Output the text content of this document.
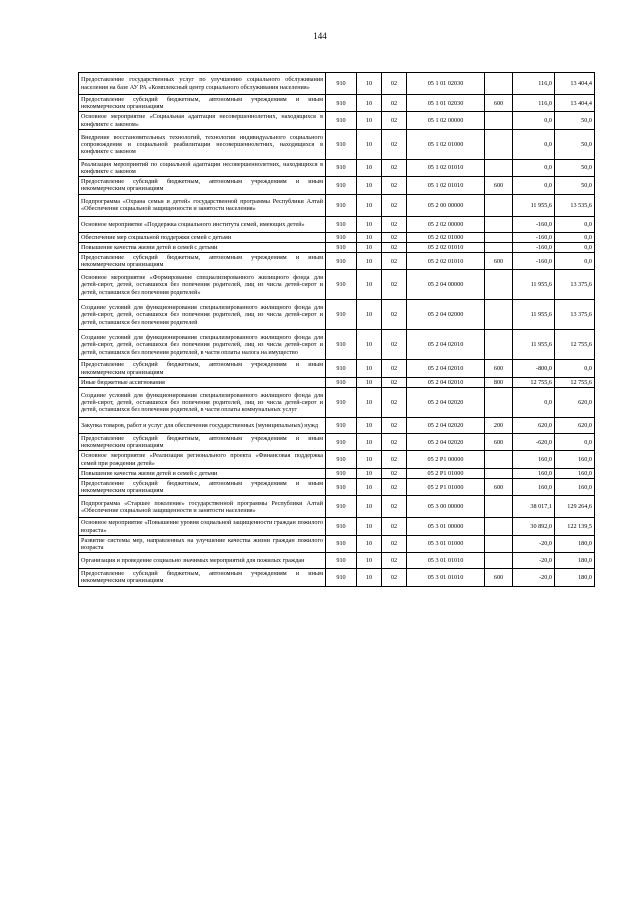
144
Предоставление государственных услуг по улучшению социального обслуживания населения на базе АУ РА «Комплексный центр социального обслуживания населения»	910	10	02	05 1 01 02030		116,0	13 404,4
Предоставление субсидий бюджетным, автономным учреждениям и иным некоммерческим организациям	910	10	02	05 1 01 02030	600	116,0	13 404,4
Основное мероприятие «Социальная адаптация несовершеннолетних, находящихся в конфликте с законом»	910	10	02	05 1 02 00000		0,0	50,0
Внедрение восстановительных технологий, технологии индивидуального социального сопровождения и социальной реабилитации несовершеннолетних, находящихся в конфликте с законом	910	10	02	05 1 02 01000		0,0	50,0
Реализация мероприятий по социальной адаптации несовершеннолетних, находящихся в конфликте с законом	910	10	02	05 1 02 01010		0,0	50,0
Предоставление субсидий бюджетным, автономным учреждениям и иным некоммерческим организациям	910	10	02	05 1 02 01010	600	0,0	50,0
Подпрограмма «Охрана семьи и детей» государственной программы Республики Алтай «Обеспечение социальной защищенности и занятости населения»	910	10	02	05 2 00 00000		11 955,6	13 535,6
Основное мероприятие «Поддержка социального института семей, имеющих детей»	910	10	02	05 2 02 00000		-160,0	0,0
Обеспечение мер социальной поддержки семей с детьми	910	10	02	05 2 02 01000		-160,0	0,0
Повышение качества жизни детей и семей с детьми	910	10	02	05 2 02 01010		-160,0	0,0
Предоставление субсидий бюджетным, автономным учреждениям и иным некоммерческим организациям	910	10	02	05 2 02 01010	600	-160,0	0,0
Основное мероприятие «Формирование специализированного жилищного фонда для детей-сирот, детей, оставшихся без попечения родителей, лиц из числа детей-сирот и детей, оставшихся без попечения родителей»	910	10	02	05 2 04 00000		11 955,6	13 375,6
Создание условий для функционирования специализированного жилищного фонда для детей-сирот, детей, оставшихся без попечения родителей, лиц из числа детей-сирот и детей, оставшихся без попечения родителей	910	10	02	05 2 04 02000		11 955,6	13 375,6
Создание условий для функционирования специализированного жилищного фонда для детей-сирот, детей, оставшихся без попечения родителей, лиц из числа детей-сирот и детей, оставшихся без попечения родителей, в части оплаты налога на имущество	910	10	02	05 2 04 02010		11 955,6	12 755,6
Предоставление субсидий бюджетным, автономным учреждениям и иным некоммерческим организациям	910	10	02	05 2 04 02010	600	-800,0	0,0
Иные бюджетные ассигнования	910	10	02	05 2 04 02010	800	12 755,6	12 755,6
Создание условий для функционирования специализированного жилищного фонда для детей-сирот, детей, оставшихся без попечения родителей, лиц из числа детей-сирот и детей, оставшихся без попечения родителей, в части оплаты коммунальных услуг	910	10	02	05 2 04 02020		0,0	620,0
Закупка товаров, работ и услуг для обеспечения государственных (муниципальных) нужд	910	10	02	05 2 04 02020	200	620,0	620,0
Предоставление субсидий бюджетным, автономным учреждениям и иным некоммерческим организациям	910	10	02	05 2 04 02020	600	-620,0	0,0
Основное мероприятие «Реализация регионального проекта «Финансовая поддержка семей при рождении детей»	910	10	02	05 2 P1 00000		160,0	160,0
Повышение качества жизни детей и семей с детьми	910	10	02	05 2 P1 01000		160,0	160,0
Предоставление субсидий бюджетным, автономным учреждениям и иным некоммерческим организациям	910	10	02	05 2 P1 01000	600	160,0	160,0
Подпрограмма «Старшее поколение» государственной программы Республики Алтай «Обеспечение социальной защищенности и занятости населения»	910	10	02	05 3 00 00000		38 017,1	129 264,6
Основное мероприятие «Повышение уровня социальной защищенности граждан пожилого возраста»	910	10	02	05 3 01 00000		30 892,0	122 139,5
Развитие системы мер, направленных на улучшение качества жизни граждан пожилого возраста	910	10	02	05 3 01 01000		-20,0	180,0
Организация и проведение социально значимых мероприятий для пожилых граждан	910	10	02	05 3 01 01010		-20,0	180,0
Предоставление субсидий бюджетным, автономным учреждениям и иным некоммерческим организациям	910	10	02	05 3 01 01010	600	-20,0	180,0
